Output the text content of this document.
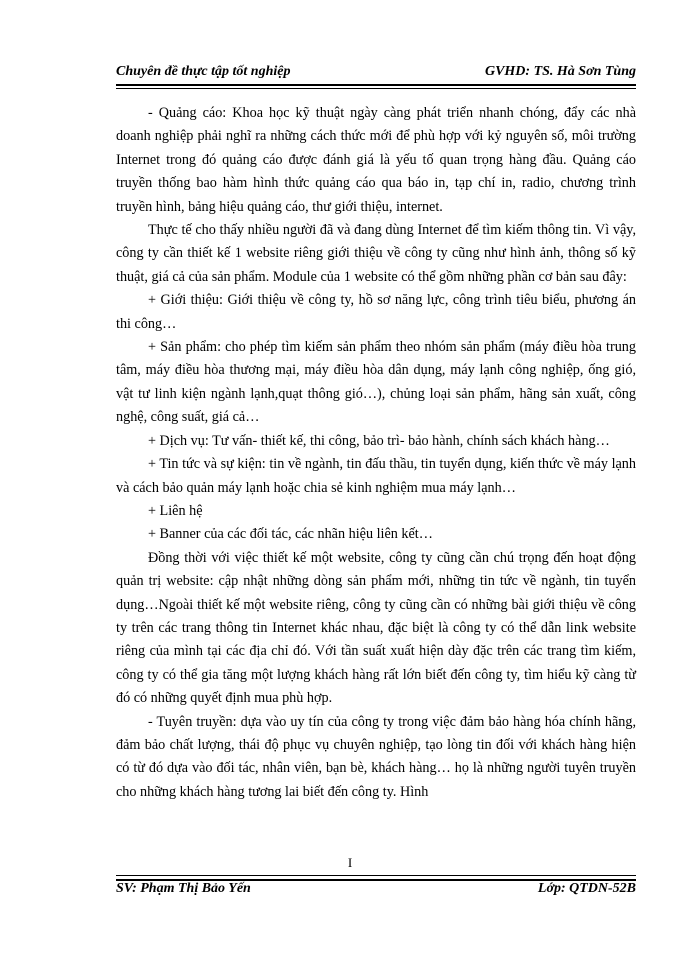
Chuyên đề thực tập tốt nghiệp	GVHD: TS. Hà Sơn Tùng

- Quảng cáo: Khoa học kỹ thuật ngày càng phát triển nhanh chóng, đẩy các nhà doanh nghiệp phải nghĩ ra những cách thức mới để phù hợp với kỷ nguyên số, môi trường Internet trong đó quảng cáo được đánh giá là yếu tố quan trọng hàng đầu. Quảng cáo truyền thống bao hàm hình thức quảng cáo qua báo in, tạp chí in, radio, chương trình truyền hình, bảng hiệu quảng cáo, thư giới thiệu, internet.

Thực tế cho thấy nhiều người đã và đang dùng Internet để tìm kiếm thông tin. Vì vậy, công ty cần thiết kế 1 website riêng giới thiệu về công ty cũng như hình ảnh, thông số kỹ thuật, giá cả của sản phẩm. Module của 1 website có thể gồm những phần cơ bản sau đây:

+ Giới thiệu: Giới thiệu về công ty, hồ sơ năng lực, công trình tiêu biểu, phương án thi công…

+ Sản phẩm: cho phép tìm kiếm sản phẩm theo nhóm sản phẩm (máy điều hòa trung tâm, máy điều hòa thương mại, máy điều hòa dân dụng, máy lạnh công nghiệp, ống gió, vật tư linh kiện ngành lạnh,quạt thông gió…), chủng loại sản phẩm, hãng sản xuất, công nghệ, công suất, giá cả…

+ Dịch vụ: Tư vấn- thiết kế, thi công, bảo trì- bảo hành, chính sách khách hàng…

+ Tin tức và sự kiện: tin về ngành, tin đấu thầu, tin tuyển dụng, kiến thức về máy lạnh và cách bảo quản máy lạnh hoặc chia sẻ kinh nghiệm mua máy lạnh…

+ Liên hệ

+ Banner của các đối tác, các nhãn hiệu liên kết…

Đồng thời với việc thiết kế một website, công ty cũng cần chú trọng đến hoạt động quản trị website: cập nhật những dòng sản phẩm mới, những tin tức về ngành, tin tuyển dụng…Ngoài thiết kế một website riêng, công ty cũng cần có những bài giới thiệu về công ty trên các trang thông tin Internet khác nhau, đặc biệt là công ty có thể dẫn link website riêng của mình tại các địa chỉ đó. Với tần suất xuất hiện dày đặc trên các trang tìm kiếm, công ty có thể gia tăng một lượng khách hàng rất lớn biết đến công ty, tìm hiểu kỹ càng từ đó có những quyết định mua phù hợp.

- Tuyên truyền: dựa vào uy tín của công ty trong việc đảm bảo hàng hóa chính hãng, đảm bảo chất lượng, thái độ phục vụ chuyên nghiệp, tạo lòng tin đối với khách hàng hiện có từ đó dựa vào đối tác, nhân viên, bạn bè, khách hàng… họ là những người tuyên truyền cho những khách hàng tương lai biết đến công ty. Hình

I
SV: Phạm Thị Bảo Yến	Lớp: QTDN-52B
